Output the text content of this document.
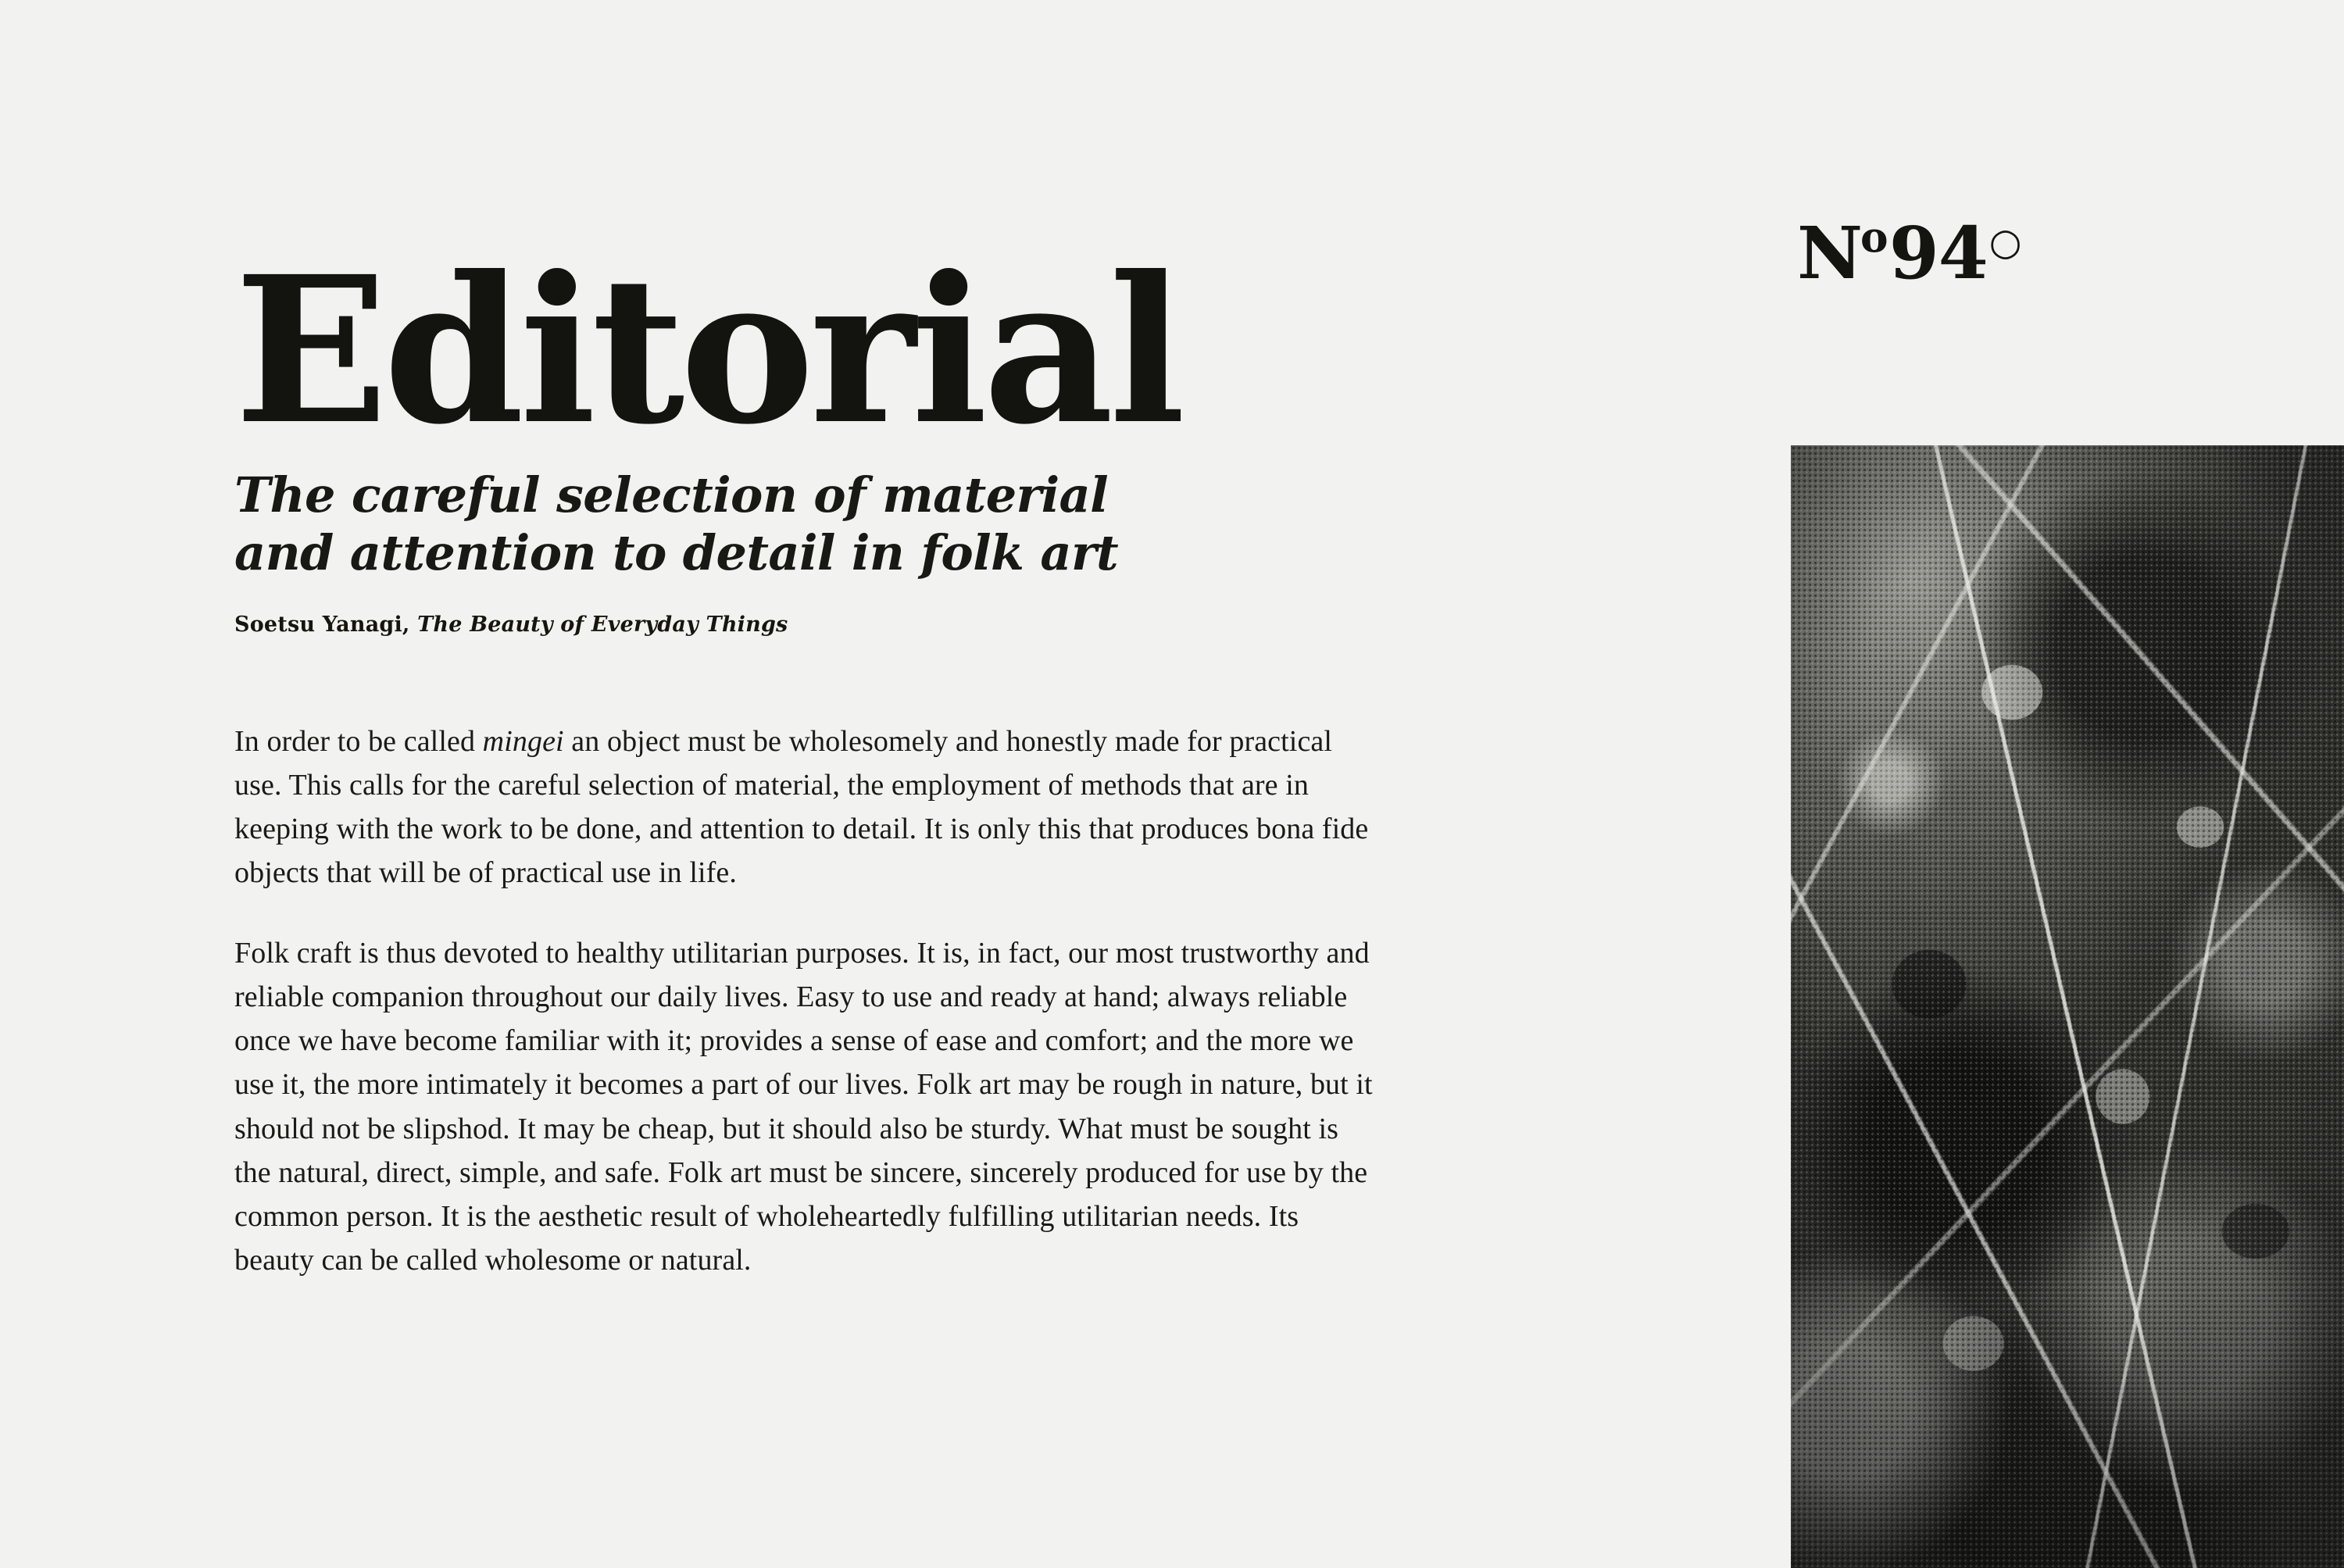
Editorial
The careful selection of material
and attention to detail in folk art
Soetsu Yanagi, The Beauty of Everyday Things

In order to be called mingei an object must be wholesomely and honestly made for practical use. This calls for the careful selection of material, the employment of methods that are in keeping with the work to be done, and attention to detail. It is only this that produces bona fide objects that will be of practical use in life.

Folk craft is thus devoted to healthy utilitarian purposes. It is, in fact, our most trustworthy and reliable companion throughout our daily lives. Easy to use and ready at hand; always reliable once we have become familiar with it; provides a sense of ease and comfort; and the more we use it, the more intimately it becomes a part of our lives. Folk art may be rough in nature, but it should not be slipshod. It may be cheap, but it should also be sturdy. What must be sought is the natural, direct, simple, and safe. Folk art must be sincere, sincerely produced for use by the common person. It is the aesthetic result of wholeheartedly fulfilling utilitarian needs. Its beauty can be called wholesome or natural.

$N^o$ 94 ○
